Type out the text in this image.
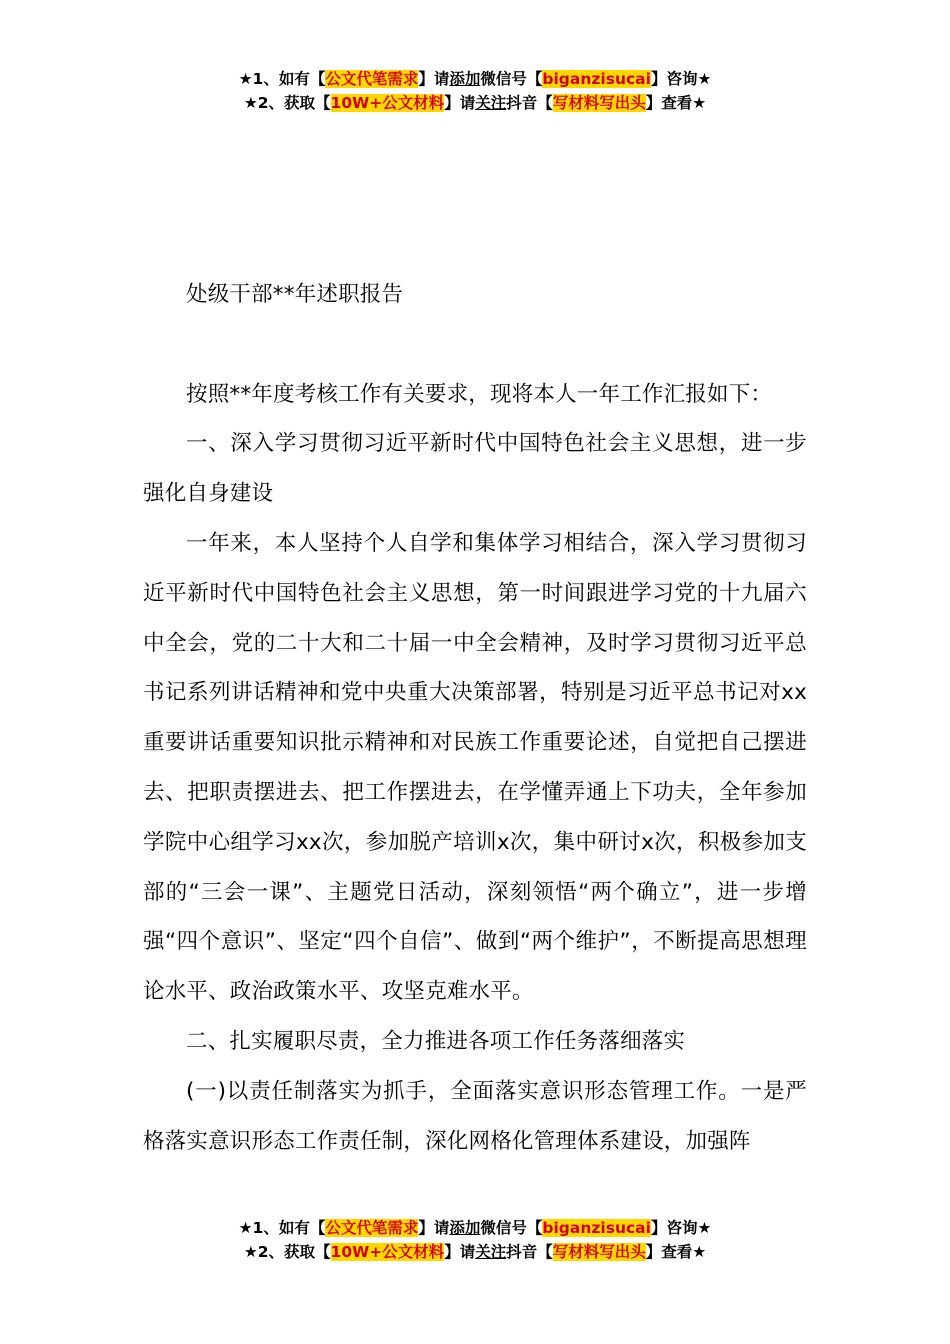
★1、如有【公文代笔需求】请添加微信号【biganzisucai】咨询★
★2、获取【10W+公文材料】请关注抖音【写材料写出头】查看★

处级干部**年述职报告

按照**年度考核工作有关要求，现将本人一年工作汇报如下：

一、深入学习贯彻习近平新时代中国特色社会主义思想，进一步强化自身建设

一年来，本人坚持个人自学和集体学习相结合，深入学习贯彻习近平新时代中国特色社会主义思想，第一时间跟进学习党的十九届六中全会，党的二十大和二十届一中全会精神，及时学习贯彻习近平总书记系列讲话精神和党中央重大决策部署，特别是习近平总书记对xx重要讲话重要知识批示精神和对民族工作重要论述，自觉把自己摆进去、把职责摆进去、把工作摆进去，在学懂弄通上下功夫，全年参加学院中心组学习xx次，参加脱产培训x次，集中研讨x次，积极参加支部的“三会一课”、主题党日活动，深刻领悟“两个确立”，进一步增强“四个意识”、坚定“四个自信”、做到“两个维护”，不断提高思想理论水平、政治政策水平、攻坚克难水平。

二、扎实履职尽责，全力推进各项工作任务落细落实

(一)以责任制落实为抓手，全面落实意识形态管理工作。一是严格落实意识形态工作责任制，深化网格化管理体系建设，加强阵

★1、如有【公文代笔需求】请添加微信号【biganzisucai】咨询★
★2、获取【10W+公文材料】请关注抖音【写材料写出头】查看★
